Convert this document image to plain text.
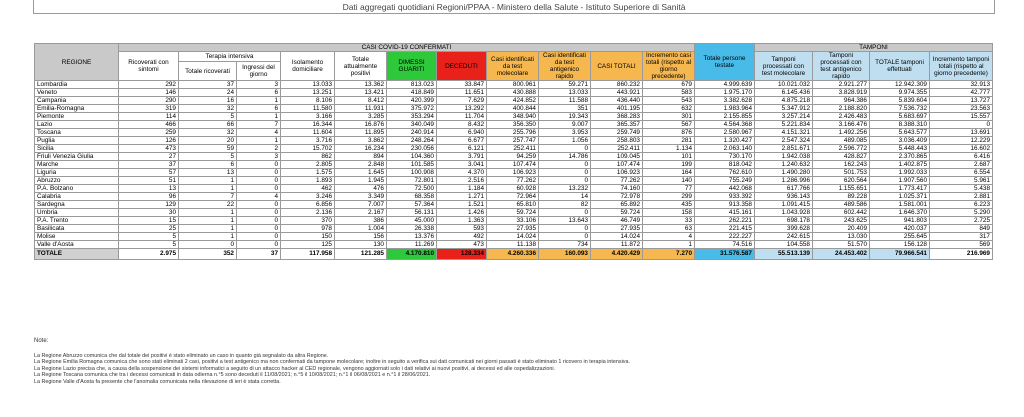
Dati aggregati quotidiani Regioni/PPAA - Ministero della Salute - Istituto Superiore di Sanità
REGIONE	CASI COVID-19 CONFERMATI											Totale persone testate	TAMPONI			
	Ricoverati con sintomi	Terapia intensiva		Isolamento domiciliare	Totale attualmente positivi	DIMESSI GUARITI	DECEDUTI	Casi identificati da test molecolare	Casi identificati da test antigenico rapido	CASI TOTALI	Incremento casi totali (rispetto al giorno precedente)		Tamponi processati con test molecolare	Tamponi processati con test antigenico rapido	TOTALE tamponi effettuati	Incremento tamponi totali (rispetto al giorno precedente)
		Totale ricoverati	Ingressi del giorno													
Lombardia	292	37	3	13.033	13.362	813.023	33.847	800.961	59.271	860.232	679	4.999.639	10.021.032	2.921.277	12.942.309	32.913
Veneto	146	24	6	13.251	13.421	418.849	11.651	430.888	13.033	443.921	583	1.975.170	6.145.436	3.828.919	9.974.355	42.777
Campania	290	16	1	8.106	8.412	420.399	7.629	424.852	11.588	436.440	543	3.382.628	4.875.218	964.386	5.839.604	13.727
Emilia-Romagna	319	32	6	11.580	11.931	375.972	13.292	400.844	351	401.195	632	1.983.964	5.347.912	2.188.820	7.536.732	23.563
Piemonte	114	5	1	3.166	3.285	353.294	11.704	348.940	19.343	368.283	301	2.155.855	3.257.214	2.426.483	5.683.697	15.557
Lazio	466	66	7	16.344	16.876	340.049	8.432	356.350	9.007	365.357	567	4.564.368	5.221.834	3.166.476	8.388.310	0
Toscana	259	32	4	11.604	11.895	240.914	6.940	255.796	3.953	259.749	876	2.580.967	4.151.321	1.492.256	5.643.577	13.691
Puglia	126	20	1	3.716	3.862	248.264	6.677	257.747	1.056	258.803	281	1.320.427	2.547.324	489.085	3.036.409	12.229
Sicilia	473	59	2	15.702	16.234	230.056	6.121	252.411	0	252.411	1.134	2.063.140	2.851.671	2.596.772	5.448.443	16.602
Friuli Venezia Giulia	27	5	3	862	894	104.360	3.791	94.259	14.786	109.045	101	730.170	1.942.038	428.827	2.370.865	6.416
Marche	37	6	0	2.805	2.848	101.585	3.041	107.474	0	107.474	199	818.042	1.240.632	162.243	1.402.875	2.687
Liguria	57	13	0	1.575	1.645	100.908	4.370	106.923	0	106.923	164	762.610	1.490.280	501.753	1.992.033	6.554
Abruzzo	51	1	0	1.893	1.945	72.801	2.516	77.262	0	77.262	140	755.249	1.286.996	620.564	1.907.560	5.961
P.A. Bolzano	13	1	0	462	476	72.500	1.184	60.928	13.232	74.160	77	442.068	617.766	1.155.651	1.773.417	5.438
Calabria	96	7	4	3.246	3.349	68.358	1.271	72.964	14	72.978	299	933.392	936.143	89.228	1.025.371	2.881
Sardegna	129	22	0	6.856	7.007	57.364	1.521	65.810	82	65.892	435	913.358	1.091.415	489.586	1.581.001	6.223
Umbria	30	1	0	2.136	2.167	56.131	1.426	59.724	0	59.724	158	415.161	1.043.928	602.442	1.646.370	5.290
P.A. Trento	15	1	0	370	386	45.000	1.363	33.106	13.643	46.749	33	262.221	698.178	243.625	941.803	2.725
Basilicata	25	1	0	978	1.004	26.338	593	27.935	0	27.935	63	221.415	399.628	20.409	420.037	849
Molise	5	1	0	150	156	13.376	492	14.024	0	14.024	4	222.227	242.615	13.030	255.645	317
Valle d'Aosta	5	0	0	125	130	11.269	473	11.138	734	11.872	1	74.516	104.558	51.570	156.128	569
TOTALE	2.975	352	37	117.958	121.285	4.170.810	128.334	4.260.336	160.093	4.420.429	7.270	31.576.587	55.513.139	24.453.402	79.966.541	216.969
Note:
La Regione Abruzzo comunica che dal totale dei positivi è stato eliminato un caso in quanto già segnalato da altra Regione.
La Regione Emilia Romagna comunica che sono stati eliminati 2 casi, positivi a test antigenico ma non confermati da tampone molecolare; inoltre in seguito a verifica sui dati comunicati nei giorni passati è stato eliminato 1 ricovero in terapia intensiva.
La Regione Lazio precisa che, a causa della sospensione dei sistemi informatici a seguito di un attacco hacker al CED regionale, vengono aggiornati solo i dati relativi ai nuovi positivi, ai decessi ed alle ospedalizzazioni.
La Regione Toscana comunica che tra i decessi comunicati in data odierna n.°5 sono deceduti il 11/08/2021; n.°5 il 10/08/2021; n.°1 il 06/08/2021 e n.°1 il 28/06/2021.
La Regione Valle d'Aosta fa presente che l'anomalia comunicata nella rilevazione di ieri è stata corretta.
